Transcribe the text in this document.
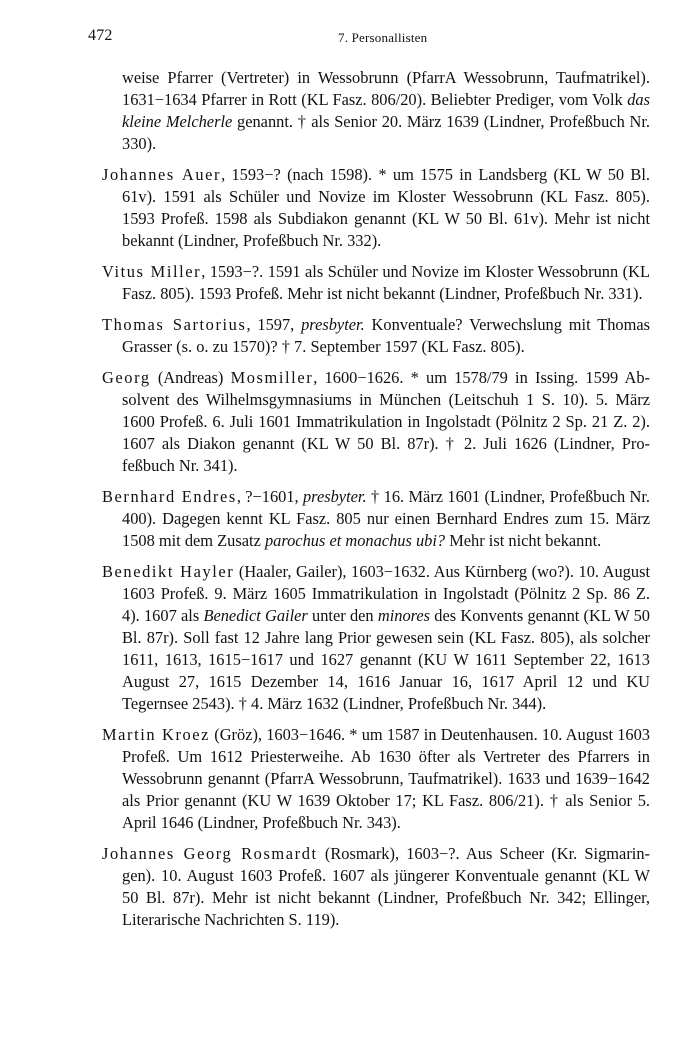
472	7. Personallisten

weise Pfarrer (Vertreter) in Wessobrunn (PfarrA Wessobrunn, Taufmatrikel). 1631−1634 Pfarrer in Rott (KL Fasz. 806/20). Beliebter Prediger, vom Volk das kleine Melcherle genannt. † als Senior 20. März 1639 (Lindner, Profeßbuch Nr. 330).

Johannes Auer, 1593−? (nach 1598). * um 1575 in Landsberg (KL W 50 Bl. 61v). 1591 als Schüler und Novize im Kloster Wessobrunn (KL Fasz. 805). 1593 Profeß. 1598 als Subdiakon genannt (KL W 50 Bl. 61v). Mehr ist nicht bekannt (Lindner, Profeßbuch Nr. 332).

Vitus Miller, 1593−?. 1591 als Schüler und Novize im Kloster Wessobrunn (KL Fasz. 805). 1593 Profeß. Mehr ist nicht bekannt (Lindner, Profeßbuch Nr. 331).

Thomas Sartorius, 1597, presbyter. Konventuale? Verwechslung mit Thomas Grasser (s. o. zu 1570)? † 7. September 1597 (KL Fasz. 805).

Georg (Andreas) Mosmiller, 1600−1626. * um 1578/79 in Issing. 1599 Absolvent des Wilhelmsgymnasiums in München (Leitschuh 1 S. 10). 5. März 1600 Profeß. 6. Juli 1601 Immatrikulation in Ingolstadt (Pölnitz 2 Sp. 21 Z. 2). 1607 als Diakon genannt (KL W 50 Bl. 87r). † 2. Juli 1626 (Lindner, Profeßbuch Nr. 341).

Bernhard Endres, ?−1601, presbyter. † 16. März 1601 (Lindner, Profeßbuch Nr. 400). Dagegen kennt KL Fasz. 805 nur einen Bernhard Endres zum 15. März 1508 mit dem Zusatz parochus et monachus ubi? Mehr ist nicht bekannt.

Benedikt Hayler (Haaler, Gailer), 1603−1632. Aus Kürnberg (wo?). 10. August 1603 Profeß. 9. März 1605 Immatrikulation in Ingolstadt (Pölnitz 2 Sp. 86 Z. 4). 1607 als Benedict Gailer unter den minores des Konvents genannt (KL W 50 Bl. 87r). Soll fast 12 Jahre lang Prior gewesen sein (KL Fasz. 805), als solcher 1611, 1613, 1615−1617 und 1627 genannt (KU W 1611 September 22, 1613 August 27, 1615 Dezember 14, 1616 Januar 16, 1617 April 12 und KU Tegernsee 2543). † 4. März 1632 (Lindner, Profeßbuch Nr. 344).

Martin Kroez (Gröz), 1603−1646. * um 1587 in Deutenhausen. 10. August 1603 Profeß. Um 1612 Priesterweihe. Ab 1630 öfter als Vertreter des Pfarrers in Wessobrunn genannt (PfarrA Wessobrunn, Taufmatrikel). 1633 und 1639−1642 als Prior genannt (KU W 1639 Oktober 17; KL Fasz. 806/21). † als Senior 5. April 1646 (Lindner, Profeßbuch Nr. 343).

Johannes Georg Rosmardt (Rosmark), 1603−?. Aus Scheer (Kr. Sigmaringen). 10. August 1603 Profeß. 1607 als jüngerer Konventuale genannt (KL W 50 Bl. 87r). Mehr ist nicht bekannt (Lindner, Profeßbuch Nr. 342; Ellinger, Literarische Nachrichten S. 119).
